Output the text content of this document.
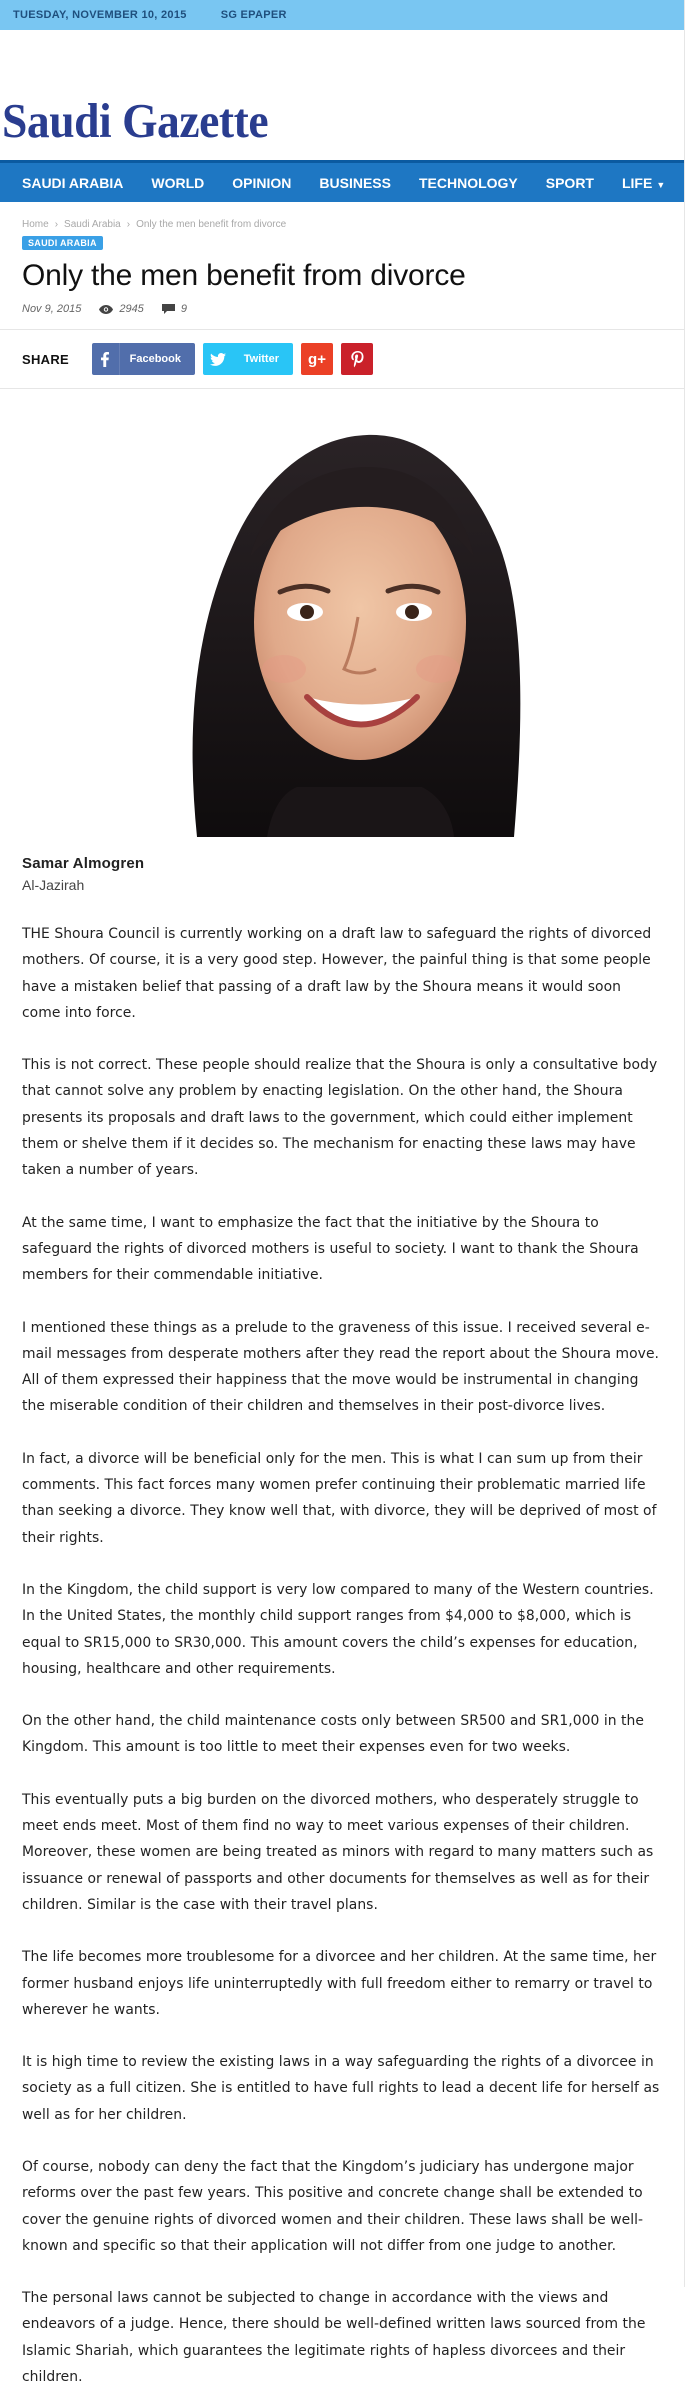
TUESDAY, NOVEMBER 10, 2015	SG EPAPER
Saudi Gazette
SAUDI ARABIA	WORLD	OPINION	BUSINESS	TECHNOLOGY	SPORT	LIFE ▼
Home › Saudi Arabia › Only the men benefit from divorce
SAUDI ARABIA
Only the men benefit from divorce
Nov 9, 2015	2945	9
SHARE	Facebook	Twitter	g+
Samar Almogren
Al-Jazirah

THE Shoura Council is currently working on a draft law to safeguard the rights of divorced mothers. Of course, it is a very good step. However, the painful thing is that some people have a mistaken belief that passing of a draft law by the Shoura means it would soon come into force.

This is not correct. These people should realize that the Shoura is only a consultative body that cannot solve any problem by enacting legislation. On the other hand, the Shoura presents its proposals and draft laws to the government, which could either implement them or shelve them if it decides so. The mechanism for enacting these laws may have taken a number of years.

At the same time, I want to emphasize the fact that the initiative by the Shoura to safeguard the rights of divorced mothers is useful to society. I want to thank the Shoura members for their commendable initiative.

I mentioned these things as a prelude to the graveness of this issue. I received several e-mail messages from desperate mothers after they read the report about the Shoura move. All of them expressed their happiness that the move would be instrumental in changing the miserable condition of their children and themselves in their post-divorce lives.

In fact, a divorce will be beneficial only for the men. This is what I can sum up from their comments. This fact forces many women prefer continuing their problematic married life than seeking a divorce. They know well that, with divorce, they will be deprived of most of their rights.

In the Kingdom, the child support is very low compared to many of the Western countries. In the United States, the monthly child support ranges from $4,000 to $8,000, which is equal to SR15,000 to SR30,000. This amount covers the child’s expenses for education, housing, healthcare and other requirements.

On the other hand, the child maintenance costs only between SR500 and SR1,000 in the Kingdom. This amount is too little to meet their expenses even for two weeks.

This eventually puts a big burden on the divorced mothers, who desperately struggle to meet ends meet. Most of them find no way to meet various expenses of their children. Moreover, these women are being treated as minors with regard to many matters such as issuance or renewal of passports and other documents for themselves as well as for their children. Similar is the case with their travel plans.

The life becomes more troublesome for a divorcee and her children. At the same time, her former husband enjoys life uninterruptedly with full freedom either to remarry or travel to wherever he wants.

It is high time to review the existing laws in a way safeguarding the rights of a divorcee in society as a full citizen. She is entitled to have full rights to lead a decent life for herself as well as for her children.

Of course, nobody can deny the fact that the Kingdom’s judiciary has undergone major reforms over the past few years. This positive and concrete change shall be extended to cover the genuine rights of divorced women and their children. These laws shall be well-known and specific so that their application will not differ from one judge to another.

The personal laws cannot be subjected to change in accordance with the views and endeavors of a judge. Hence, there should be well-defined written laws sourced from the Islamic Shariah, which guarantees the legitimate rights of hapless divorcees and their children.
